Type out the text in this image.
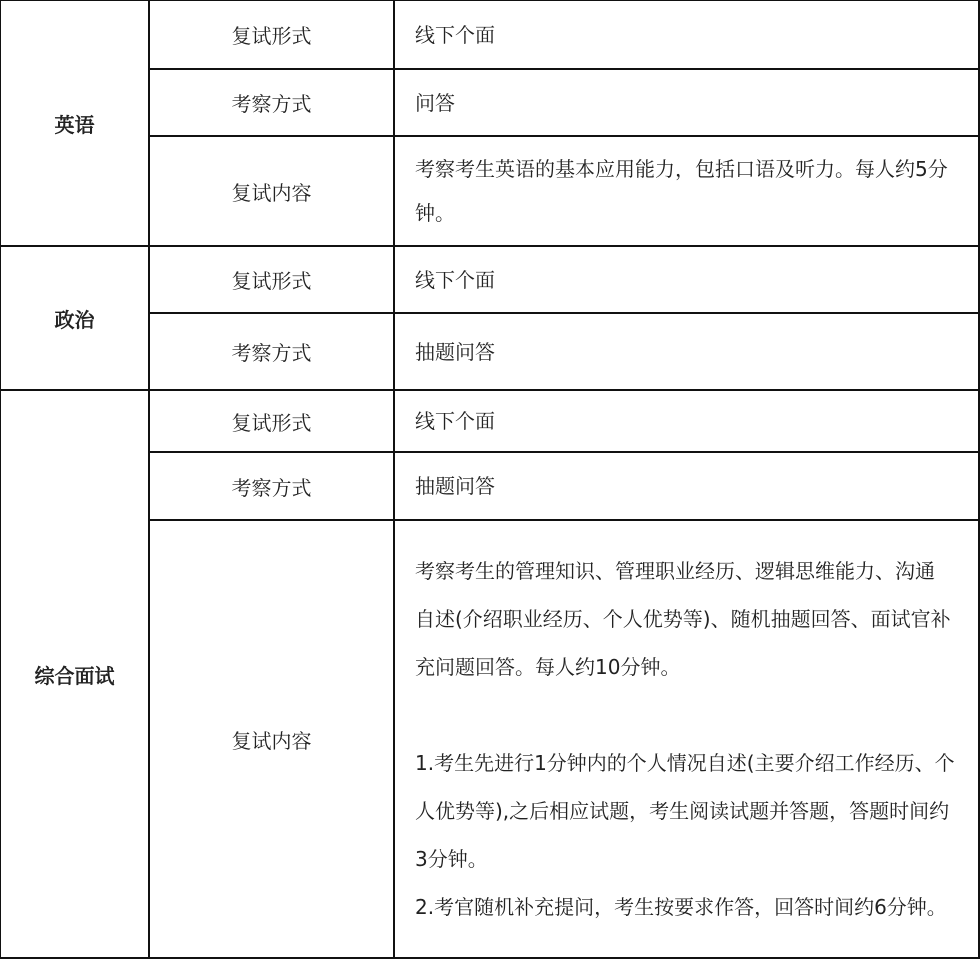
英语	复试形式	线下个面
	考察方式	问答
	复试内容	考察考生英语的基本应用能力，包括口语及听力。每人约5分钟。
政治	复试形式	线下个面
	考察方式	抽题问答
综合面试	复试形式	线下个面
	考察方式	抽题问答
	复试内容	考察考生的管理知识、管理职业经历、逻辑思维能力、沟通 自述(介绍职业经历、个人优势等)、随机抽题回答、面试官补充问题回答。每人约10分钟。
1.考生先进行1分钟内的个人情况自述(主要介绍工作经历、个人优势等),之后相应试题，考生阅读试题并答题，答题时间约3分钟。
2.考官随机补充提问，考生按要求作答，回答时间约6分钟。
